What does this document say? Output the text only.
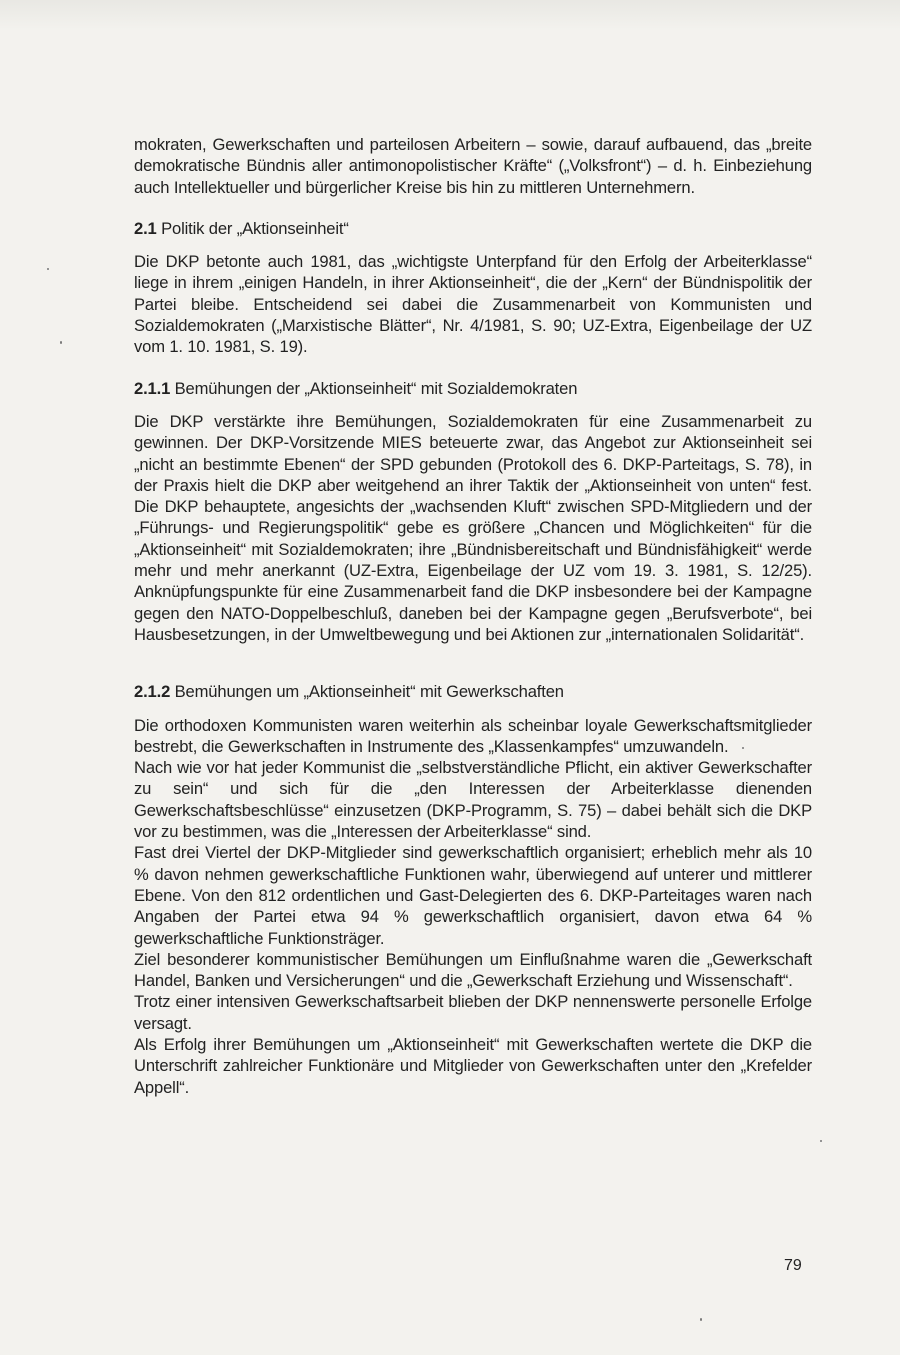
mokraten, Gewerkschaften und parteilosen Arbeitern – sowie, darauf aufbauend, das „breite demokratische Bündnis aller antimonopolistischer Kräfte“ („Volksfront“) – d. h. Einbeziehung auch Intellektueller und bürgerlicher Kreise bis hin zu mittleren Unternehmern.

2.1 Politik der „Aktionseinheit“

Die DKP betonte auch 1981, das „wichtigste Unterpfand für den Erfolg der Arbeiterklasse“ liege in ihrem „einigen Handeln, in ihrer Aktionseinheit“, die der „Kern“ der Bündnispolitik der Partei bleibe. Entscheidend sei dabei die Zusammenarbeit von Kommunisten und Sozialdemokraten („Marxistische Blätter“, Nr. 4/1981, S. 90; UZ-Extra, Eigenbeilage der UZ vom 1. 10. 1981, S. 19).

2.1.1 Bemühungen der „Aktionseinheit“ mit Sozialdemokraten

Die DKP verstärkte ihre Bemühungen, Sozialdemokraten für eine Zusammenarbeit zu gewinnen. Der DKP-Vorsitzende MIES beteuerte zwar, das Angebot zur Aktionseinheit sei „nicht an bestimmte Ebenen“ der SPD gebunden (Protokoll des 6. DKP-Parteitags, S. 78), in der Praxis hielt die DKP aber weitgehend an ihrer Taktik der „Aktionseinheit von unten“ fest. Die DKP behauptete, angesichts der „wachsenden Kluft“ zwischen SPD-Mitgliedern und der „Führungs- und Regierungspolitik“ gebe es größere „Chancen und Möglichkeiten“ für die „Aktionseinheit“ mit Sozialdemokraten; ihre „Bündnisbereitschaft und Bündnisfähigkeit“ werde mehr und mehr anerkannt (UZ-Extra, Eigenbeilage der UZ vom 19. 3. 1981, S. 12/25). Anknüpfungspunkte für eine Zusammenarbeit fand die DKP insbesondere bei der Kampagne gegen den NATO-Doppelbeschluß, daneben bei der Kampagne gegen „Berufsverbote“, bei Hausbesetzungen, in der Umweltbewegung und bei Aktionen zur „internationalen Solidarität“.

2.1.2 Bemühungen um „Aktionseinheit“ mit Gewerkschaften

Die orthodoxen Kommunisten waren weiterhin als scheinbar loyale Gewerkschaftsmitglieder bestrebt, die Gewerkschaften in Instrumente des „Klassenkampfes“ umzuwandeln.

Nach wie vor hat jeder Kommunist die „selbstverständliche Pflicht, ein aktiver Gewerkschafter zu sein“ und sich für die „den Interessen der Arbeiterklasse dienenden Gewerkschaftsbeschlüsse“ einzusetzen (DKP-Programm, S. 75) – dabei behält sich die DKP vor zu bestimmen, was die „Interessen der Arbeiterklasse“ sind.

Fast drei Viertel der DKP-Mitglieder sind gewerkschaftlich organisiert; erheblich mehr als 10 % davon nehmen gewerkschaftliche Funktionen wahr, überwiegend auf unterer und mittlerer Ebene. Von den 812 ordentlichen und Gast-Delegierten des 6. DKP-Parteitages waren nach Angaben der Partei etwa 94 % gewerkschaftlich organisiert, davon etwa 64 % gewerkschaftliche Funktionsträger.

Ziel besonderer kommunistischer Bemühungen um Einflußnahme waren die „Gewerkschaft Handel, Banken und Versicherungen“ und die „Gewerkschaft Erziehung und Wissenschaft“.

Trotz einer intensiven Gewerkschaftsarbeit blieben der DKP nennenswerte personelle Erfolge versagt.

Als Erfolg ihrer Bemühungen um „Aktionseinheit“ mit Gewerkschaften wertete die DKP die Unterschrift zahlreicher Funktionäre und Mitglieder von Gewerkschaften unter den „Krefelder Appell“.

79
